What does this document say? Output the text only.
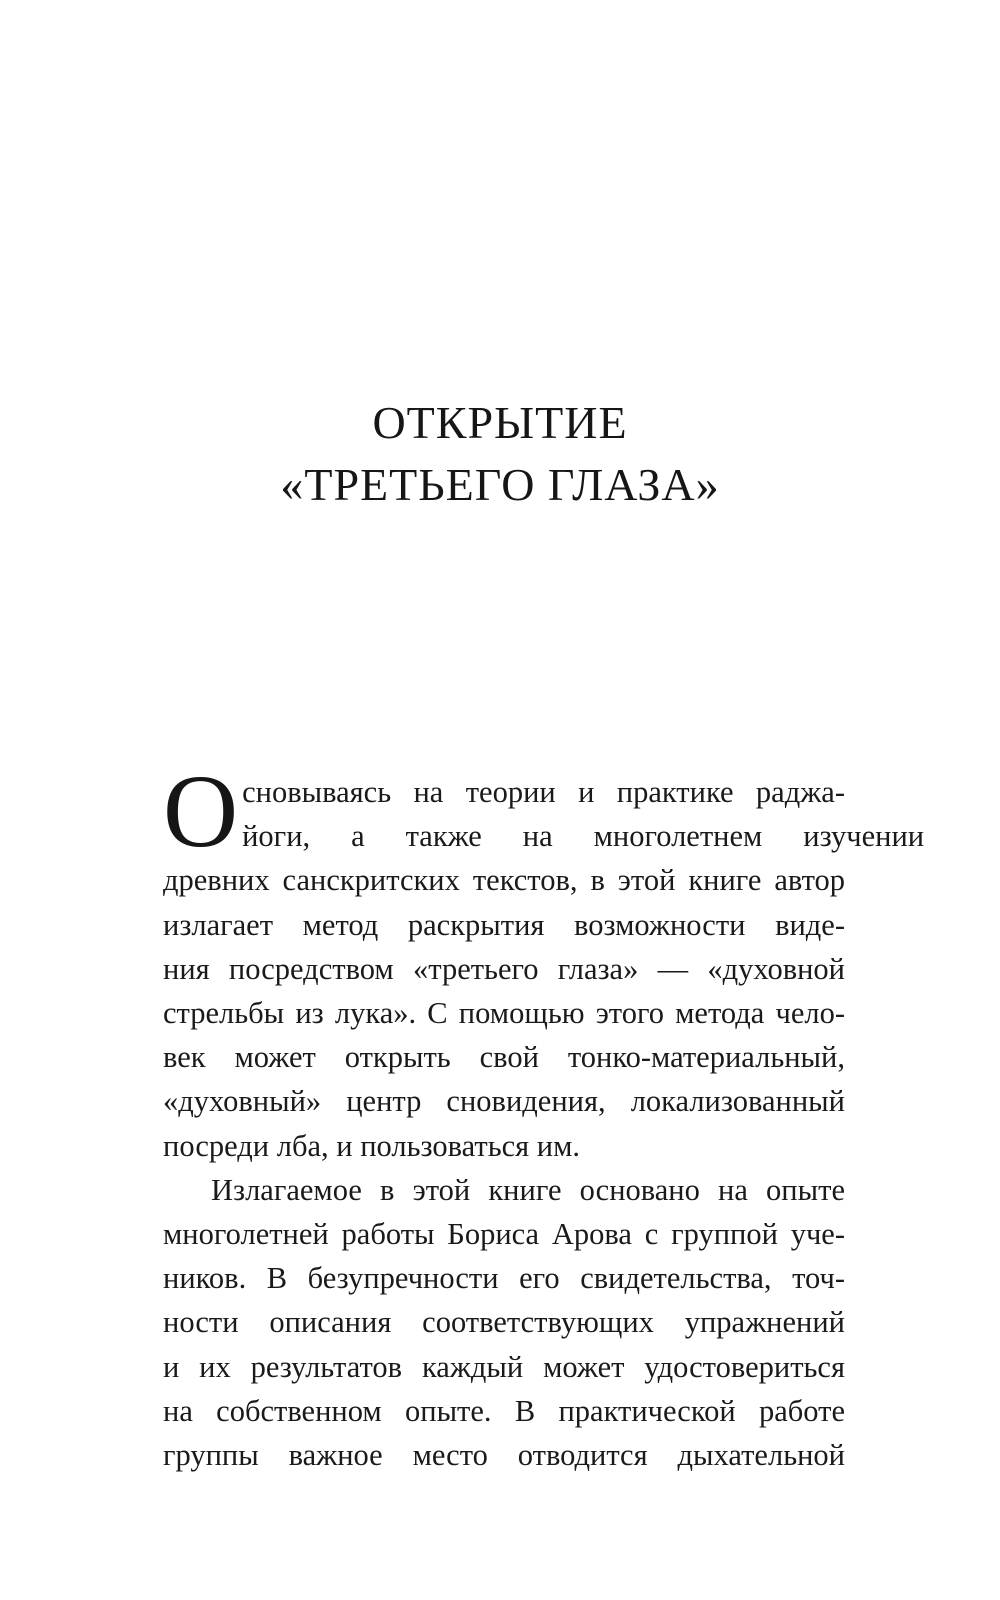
ОТКРЫТИЕ
«ТРЕТЬЕГО ГЛАЗА»
О сновываясь на теории и практике раджа-
йоги, а также на многолетнем изучении
древних санскритских текстов, в этой книге автор
излагает метод раскрытия возможности виде-
ния посредством «третьего глаза» — «духовной
стрельбы из лука». С помощью этого метода чело-
век может открыть свой тонко-материальный,
«духовный» центр сновидения, локализованный
посреди лба, и пользоваться им.
Излагаемое в этой книге основано на опыте
многолетней работы Бориса Арова с группой уче-
ников. В безупречности его свидетельства, точ-
ности описания соответствующих упражнений
и их результатов каждый может удостовериться
на собственном опыте. В практической работе
группы важное место отводится дыхательной
